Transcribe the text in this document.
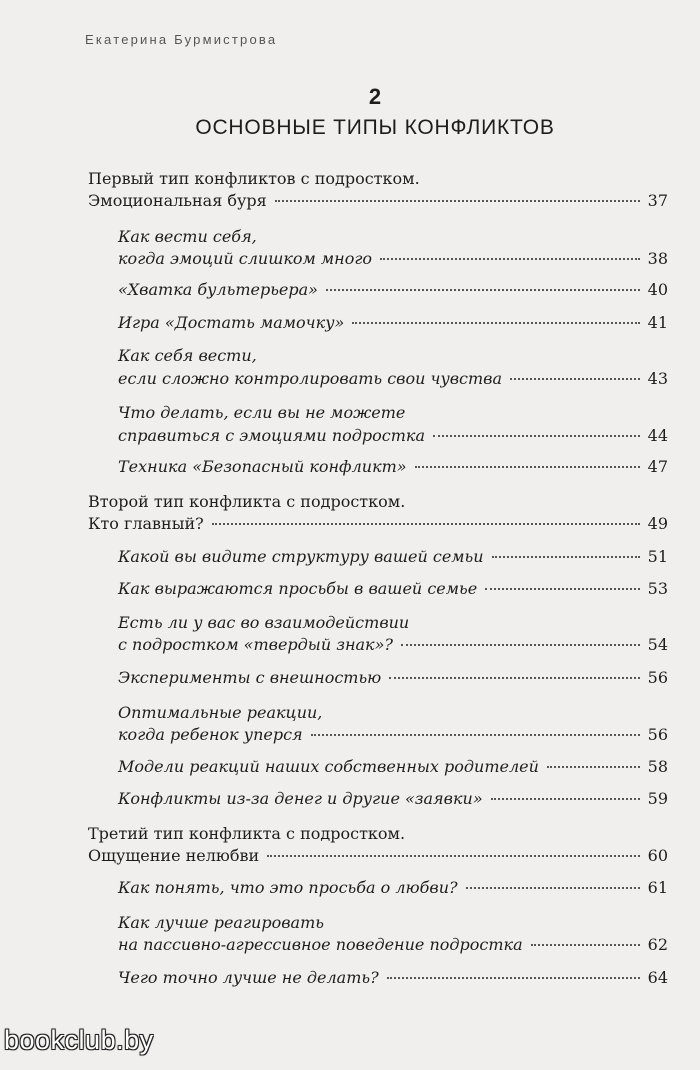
Екатерина Бурмистрова
2
ОСНОВНЫЕ ТИПЫ КОНФЛИКТОВ
Первый тип конфликтов с подростком.
Эмоциональная буря	37
Как вести себя,
когда эмоций слишком много	38
«Хватка бультерьера»	40
Игра «Достать мамочку»	41
Как себя вести,
если сложно контролировать свои чувства	43
Что делать, если вы не можете
справиться с эмоциями подростка	44
Техника «Безопасный конфликт»	47
Второй тип конфликта с подростком.
Кто главный?	49
Какой вы видите структуру вашей семьи	51
Как выражаются просьбы в вашей семье	53
Есть ли у вас во взаимодействии
с подростком «твердый знак»?	54
Эксперименты с внешностью	56
Оптимальные реакции,
когда ребенок уперся	56
Модели реакций наших собственных родителей	58
Конфликты из-за денег и другие «заявки»	59
Третий тип конфликта с подростком.
Ощущение нелюбви	60
Как понять, что это просьба о любви?	61
Как лучше реагировать
на пассивно-агрессивное поведение подростка	62
Чего точно лучше не делать?	64
bookclub.by
